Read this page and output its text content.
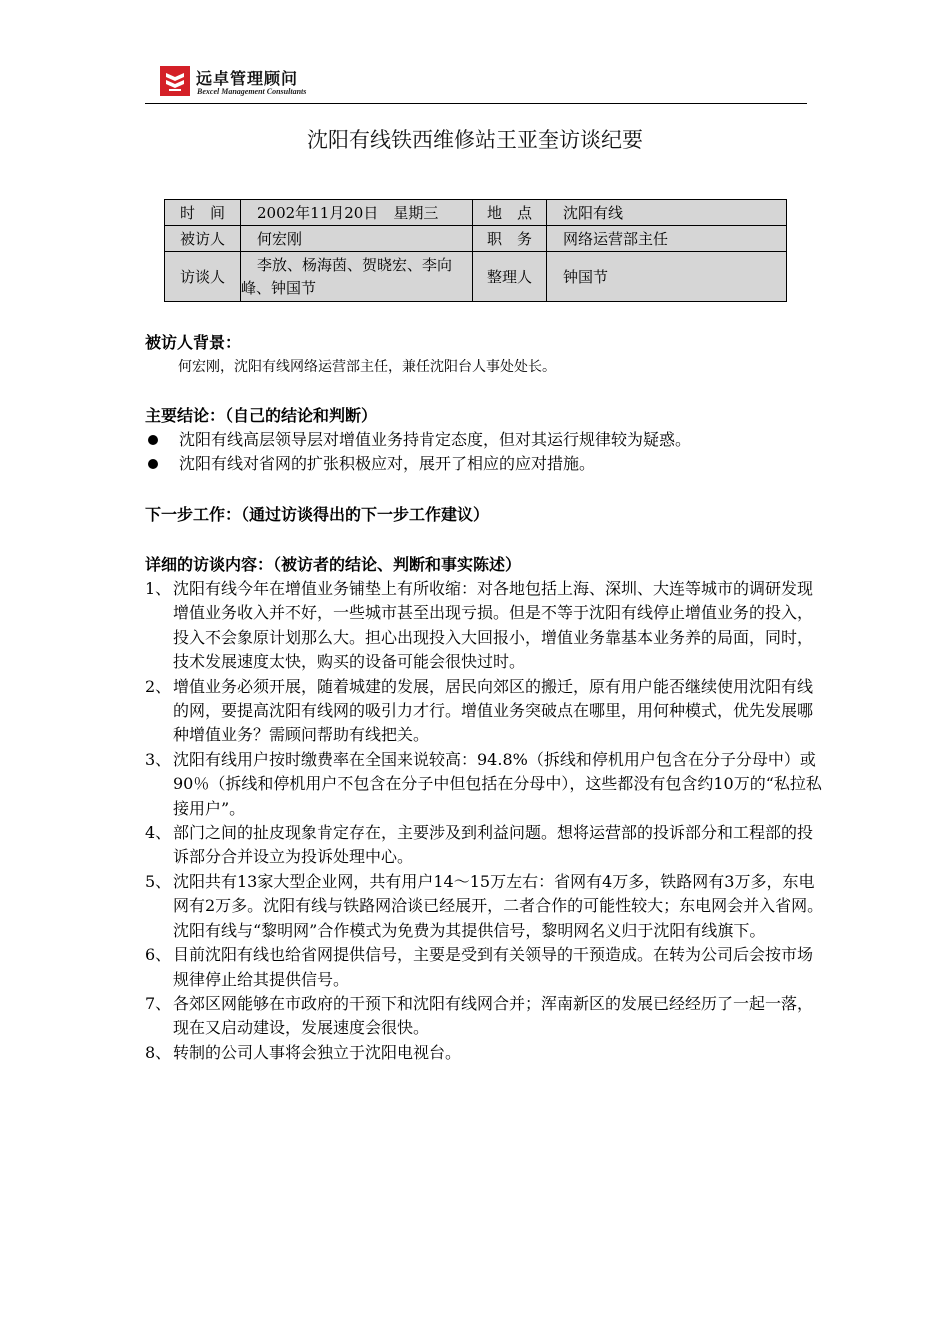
远卓管理顾问
Bexcel Management Consultants
沈阳有线铁西维修站王亚奎访谈纪要
时　间	2002年11月20日　星期三	地　点	沈阳有线
被访人	何宏刚	职　务	网络运营部主任
访谈人	李放、杨海茵、贺晓宏、李向
峰、钟国节	整理人	钟国节
被访人背景：
何宏刚，沈阳有线网络运营部主任，兼任沈阳台人事处处长。
主要结论：（自己的结论和判断）
沈阳有线高层领导层对增值业务持肯定态度，但对其运行规律较为疑惑。
沈阳有线对省网的扩张积极应对，展开了相应的应对措施。
下一步工作：（通过访谈得出的下一步工作建议）
详细的访谈内容：（被访者的结论、判断和事实陈述）
1、 沈阳有线今年在增值业务铺垫上有所收缩：对各地包括上海、深圳、大连等城市的调研发现增值业务收入并不好，一些城市甚至出现亏损。但是不等于沈阳有线停止增值业务的投入，投入不会象原计划那么大。担心出现投入大回报小，增值业务靠基本业务养的局面，同时，技术发展速度太快，购买的设备可能会很快过时。
2、 增值业务必须开展，随着城建的发展，居民向郊区的搬迁，原有用户能否继续使用沈阳有线的网，要提高沈阳有线网的吸引力才行。增值业务突破点在哪里，用何种模式，优先发展哪种增值业务？需顾问帮助有线把关。
3、 沈阳有线用户按时缴费率在全国来说较高：94.8%（拆线和停机用户包含在分子分母中）或90％（拆线和停机用户不包含在分子中但包括在分母中），这些都没有包含约10万的“私拉私接用户”。
4、 部门之间的扯皮现象肯定存在，主要涉及到利益问题。想将运营部的投诉部分和工程部的投诉部分合并设立为投诉处理中心。
5、 沈阳共有13家大型企业网，共有用户14～15万左右：省网有4万多，铁路网有3万多，东电网有2万多。沈阳有线与铁路网洽谈已经展开，二者合作的可能性较大；东电网会并入省网。沈阳有线与“黎明网”合作模式为免费为其提供信号，黎明网名义归于沈阳有线旗下。
6、 目前沈阳有线也给省网提供信号，主要是受到有关领导的干预造成。在转为公司后会按市场规律停止给其提供信号。
7、 各郊区网能够在市政府的干预下和沈阳有线网合并；浑南新区的发展已经经历了一起一落，现在又启动建设，发展速度会很快。
8、 转制的公司人事将会独立于沈阳电视台。
